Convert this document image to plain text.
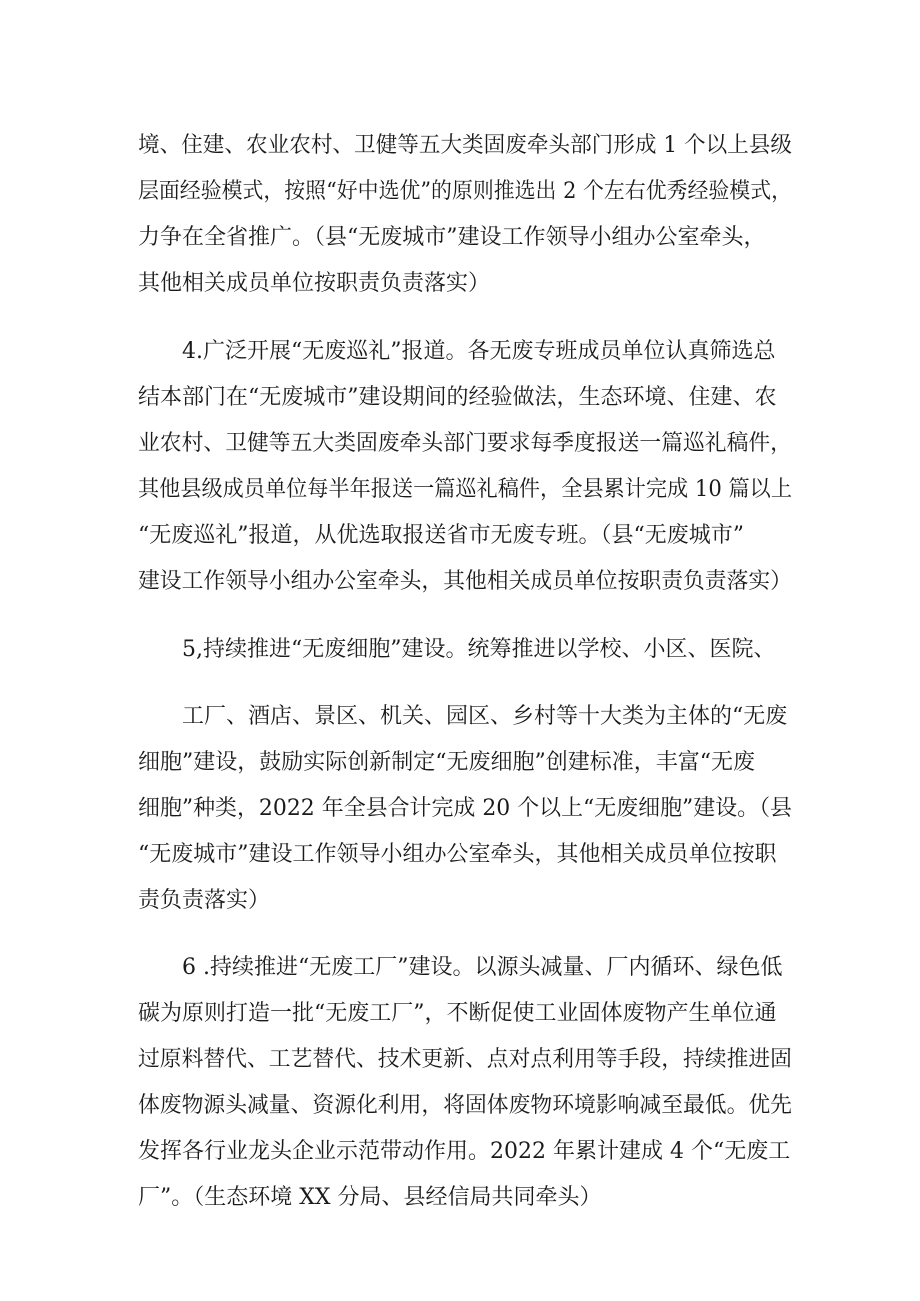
境、住建、农业农村、卫健等五大类固废牵头部门形成 1 个以上县级
层面经验模式，按照“好中选优”的原则推选出 2 个左右优秀经验模式，
力争在全省推广。（县“无废城市”建设工作领导小组办公室牵头，
其他相关成员单位按职责负责落实）
4.广泛开展“无废巡礼”报道。各无废专班成员单位认真筛选总
结本部门在“无废城市”建设期间的经验做法，生态环境、住建、农
业农村、卫健等五大类固废牵头部门要求每季度报送一篇巡礼稿件，
其他县级成员单位每半年报送一篇巡礼稿件，全县累计完成 10 篇以上
“无废巡礼”报道，从优选取报送省市无废专班。（县“无废城市”
建设工作领导小组办公室牵头，其他相关成员单位按职责负责落实）
5,持续推进“无废细胞”建设。统筹推进以学校、小区、医院、
工厂、酒店、景区、机关、园区、乡村等十大类为主体的“无废
细胞”建设，鼓励实际创新制定“无废细胞”创建标准，丰富“无废
细胞”种类，2022 年全县合计完成 20 个以上“无废细胞”建设。（县
“无废城市”建设工作领导小组办公室牵头，其他相关成员单位按职
责负责落实）
6 .持续推进“无废工厂”建设。以源头减量、厂内循环、绿色低
碳为原则打造一批“无废工厂”，不断促使工业固体废物产生单位通
过原料替代、工艺替代、技术更新、点对点利用等手段，持续推进固
体废物源头减量、资源化利用，将固体废物环境影响减至最低。优先
发挥各行业龙头企业示范带动作用。2022 年累计建成 4 个“无废工
厂”。（生态环境 XX 分局、县经信局共同牵头）
